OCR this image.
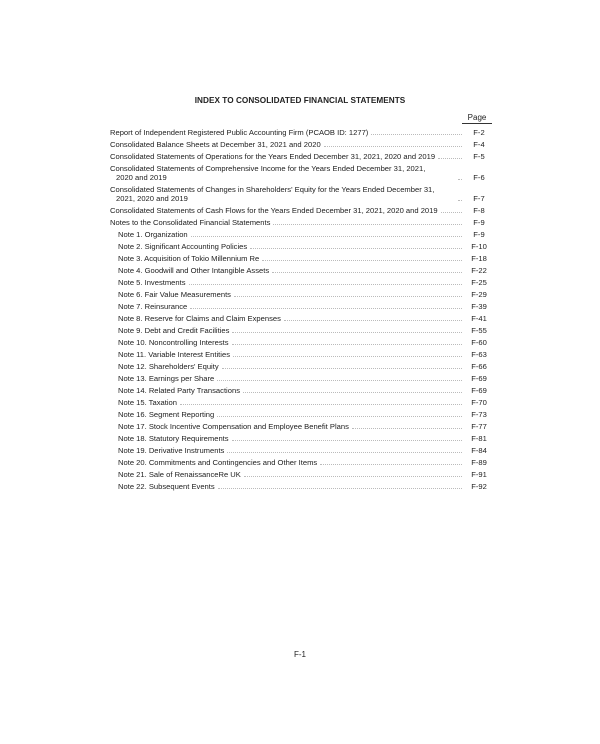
INDEX TO CONSOLIDATED FINANCIAL STATEMENTS
Page
Report of Independent Registered Public Accounting Firm (PCAOB ID: 1277)	F-2
Consolidated Balance Sheets at December 31, 2021 and 2020	F-4
Consolidated Statements of Operations for the Years Ended December 31, 2021, 2020 and 2019	F-5
Consolidated Statements of Comprehensive Income for the Years Ended December 31, 2021,
2020 and 2019	F-6
Consolidated Statements of Changes in Shareholders' Equity for the Years Ended December 31,
2021, 2020 and 2019	F-7
Consolidated Statements of Cash Flows for the Years Ended December 31, 2021, 2020 and 2019	F-8
Notes to the Consolidated Financial Statements	F-9
Note 1. Organization	F-9
Note 2. Significant Accounting Policies	F-10
Note 3. Acquisition of Tokio Millennium Re	F-18
Note 4. Goodwill and Other Intangible Assets	F-22
Note 5. Investments	F-25
Note 6. Fair Value Measurements	F-29
Note 7. Reinsurance	F-39
Note 8. Reserve for Claims and Claim Expenses	F-41
Note 9. Debt and Credit Facilities	F-55
Note 10. Noncontrolling Interests	F-60
Note 11. Variable Interest Entities	F-63
Note 12. Shareholders' Equity	F-66
Note 13. Earnings per Share	F-69
Note 14. Related Party Transactions	F-69
Note 15. Taxation	F-70
Note 16. Segment Reporting	F-73
Note 17. Stock Incentive Compensation and Employee Benefit Plans	F-77
Note 18. Statutory Requirements	F-81
Note 19. Derivative Instruments	F-84
Note 20. Commitments and Contingencies and Other Items	F-89
Note 21. Sale of RenaissanceRe UK	F-91
Note 22. Subsequent Events	F-92
F-1
